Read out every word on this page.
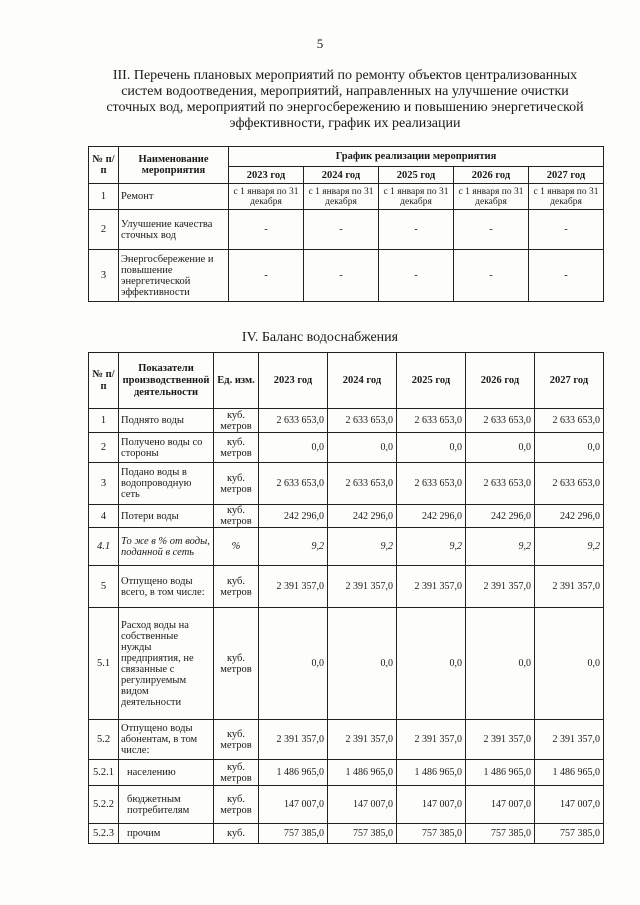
5
III. Перечень плановых мероприятий по ремонту объектов централизованных систем водоотведения, мероприятий, направленных на улучшение очистки сточных вод, мероприятий по энергосбережению и повышению энергетической эффективности, график их реализации
№ п/п	Наименование мероприятия	График реализации мероприятия				
		2023 год	2024 год	2025 год	2026 год	2027 год
1	Ремонт	с 1 января по 31 декабря	с 1 января по 31 декабря	с 1 января по 31 декабря	с 1 января по 31 декабря	с 1 января по 31 декабря
2	Улучшение качества сточных вод	-	-	-	-	-
3	Энергосбережение и повышение энергетической эффективности	-	-	-	-	-
IV. Баланс водоснабжения
№ п/п	Показатели производственной деятельности	Ед. изм.	2023 год	2024 год	2025 год	2026 год	2027 год
1	Поднято воды	куб. метров	2 633 653,0	2 633 653,0	2 633 653,0	2 633 653,0	2 633 653,0
2	Получено воды со стороны	куб. метров	0,0	0,0	0,0	0,0	0,0
3	Подано воды в водопроводную сеть	куб. метров	2 633 653,0	2 633 653,0	2 633 653,0	2 633 653,0	2 633 653,0
4	Потери воды	куб. метров	242 296,0	242 296,0	242 296,0	242 296,0	242 296,0
4.1	То же в % от воды, поданной в сеть	%	9,2	9,2	9,2	9,2	9,2
5	Отпущено воды всего, в том числе:	куб. метров	2 391 357,0	2 391 357,0	2 391 357,0	2 391 357,0	2 391 357,0
5.1	Расход воды на собственные нужды предприятия, не связанные с регулируемым видом деятельности	куб. метров	0,0	0,0	0,0	0,0	0,0
5.2	Отпущено воды абонентам, в том числе:	куб. метров	2 391 357,0	2 391 357,0	2 391 357,0	2 391 357,0	2 391 357,0
5.2.1	населению	куб. метров	1 486 965,0	1 486 965,0	1 486 965,0	1 486 965,0	1 486 965,0
5.2.2	бюджетным потребителям	куб. метров	147 007,0	147 007,0	147 007,0	147 007,0	147 007,0
5.2.3	прочим	куб.	757 385,0	757 385,0	757 385,0	757 385,0	757 385,0
